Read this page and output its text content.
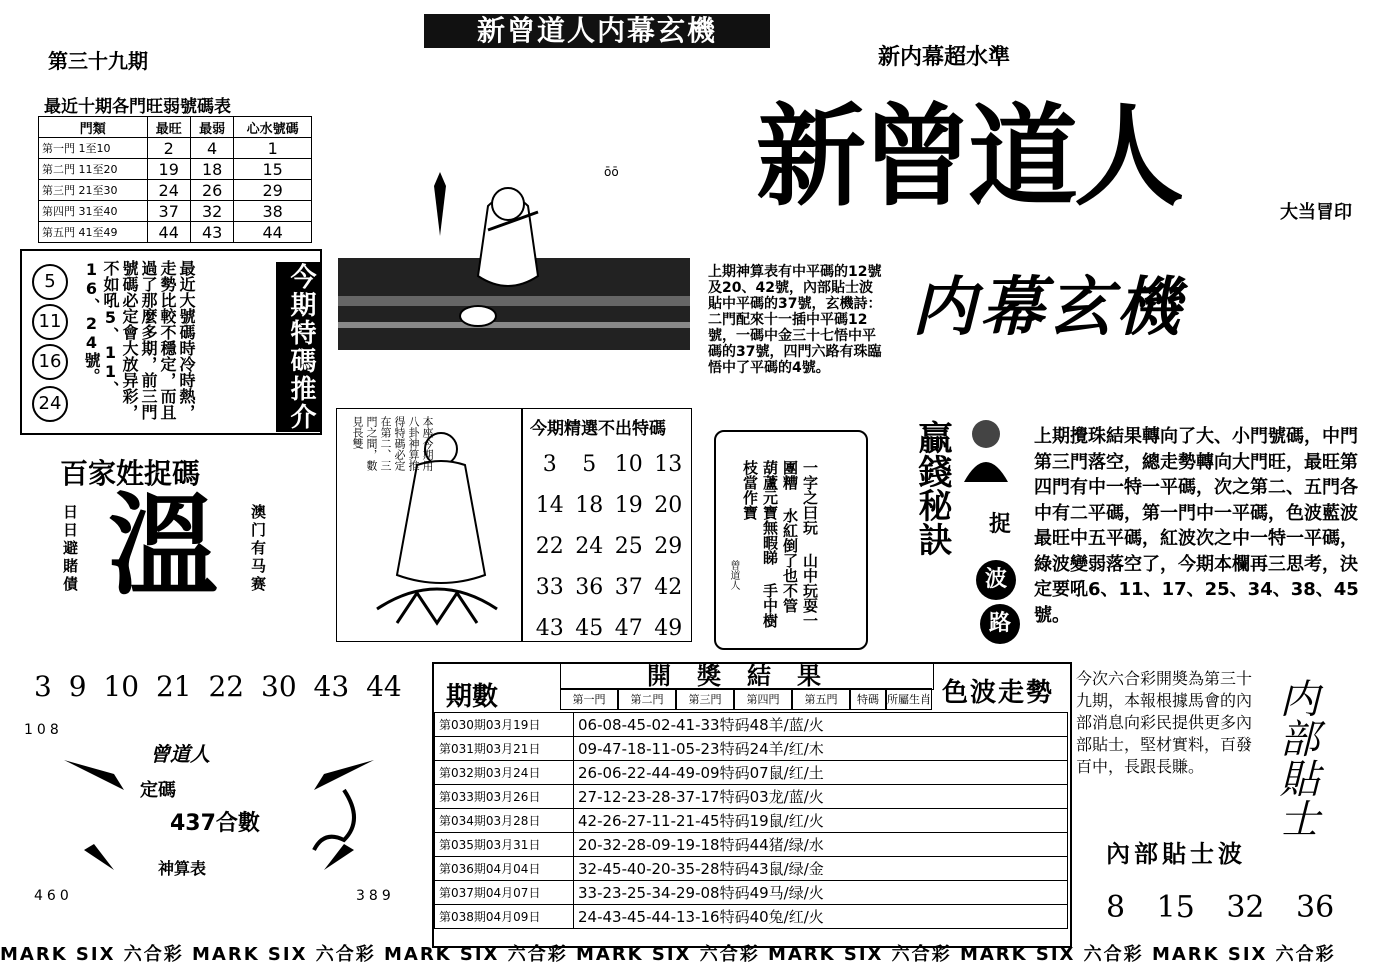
第三十九期
新曾道人内幕玄機
新内幕超水準
最近十期各門旺弱號碼表
門類	最旺	最弱	心水號碼
第一門 1至10	2	4	1
第二門 11至20	19	18	15
第三門 21至30	24	26	29
第四門 31至40	37	32	38
第五門 41至49	44	43	44
5
11
16
24	最近大號碼時冷時熱，走勢比較不穩定，而且過了那麼多期，前三門號碼必定會大放异彩，不如吼5、11、16、24號。	今期特碼推介
百家姓捉碼
溫
日日避賭債	澳门有马赛
ōō
上期神算表有中平碼的12號及20、42號，內部貼士波貼中平碼的37號，玄機詩：二門配來十一插中平碼12號，一碼中金三十七悟中平碼的37號，四門六路有珠臨悟中了平碼的4號。
新曾道人	大当冒印
内幕玄機
本座今期用八卦神算推得特碼必定在第二、三門之間，數見長雙	今期精選不出特碼
3	5	10	13
14	18	19	20
22	24	25	29
33	36	37	42
43	45	47	49
一字之曰玩 山中玩耍一團糟 水紅倒了也不管 葫蘆元寶無暇睇 手中樹枝當作寶
曾道人
贏錢秘訣	捉
波
路
上期攪珠結果轉向了大、小門號碼，中門第三門落空，總走勢轉向大門旺，最旺第四門有中一特一平碼，次之第二、五門各中有二平碼，第一門中一平碼，色波藍波最旺中五平碼，紅波次之中一特一平碼，綠波變弱落空了，今期本欄再三思考，決定要吼6、11、17、25、34、38、45號。
3 9 10 21 22 30 43 44
108
曾道人
定碼
437合數
神算表
460	389
期數
開獎結果
第一門	第二門	第三門	第四門	第五門	特碼 所屬生肖 色波走勢
第030期03月19日	06-08-45-02-41-33特码48羊/蓝/火
第031期03月21日	09-47-18-11-05-23特码24羊/红/木
第032期03月24日	26-06-22-44-49-09特码07鼠/红/土
第033期03月26日	27-12-23-28-37-17特码03龙/蓝/火
第034期03月28日	42-26-27-11-21-45特码19鼠/红/火
第035期03月31日	20-32-28-09-19-18特码44猪/绿/水
第036期04月04日	32-45-40-20-35-28特码43鼠/绿/金
第037期04月07日	33-23-25-34-29-08特码49马/绿/火
第038期04月09日	24-43-45-44-13-16特码40兔/红/火
今次六合彩開奬為第三十九期，本報根據馬會的內部消息向彩民提供更多內部貼士，堅材實料，百發百中，長跟長賺。	内部貼士
內部貼士波
8 15 32 36
MARK SIX 六合彩 MARK SIX 六合彩 MARK SIX 六合彩 MARK SIX 六合彩 MARK SIX 六合彩 MARK SIX 六合彩 MARK SIX 六合彩
